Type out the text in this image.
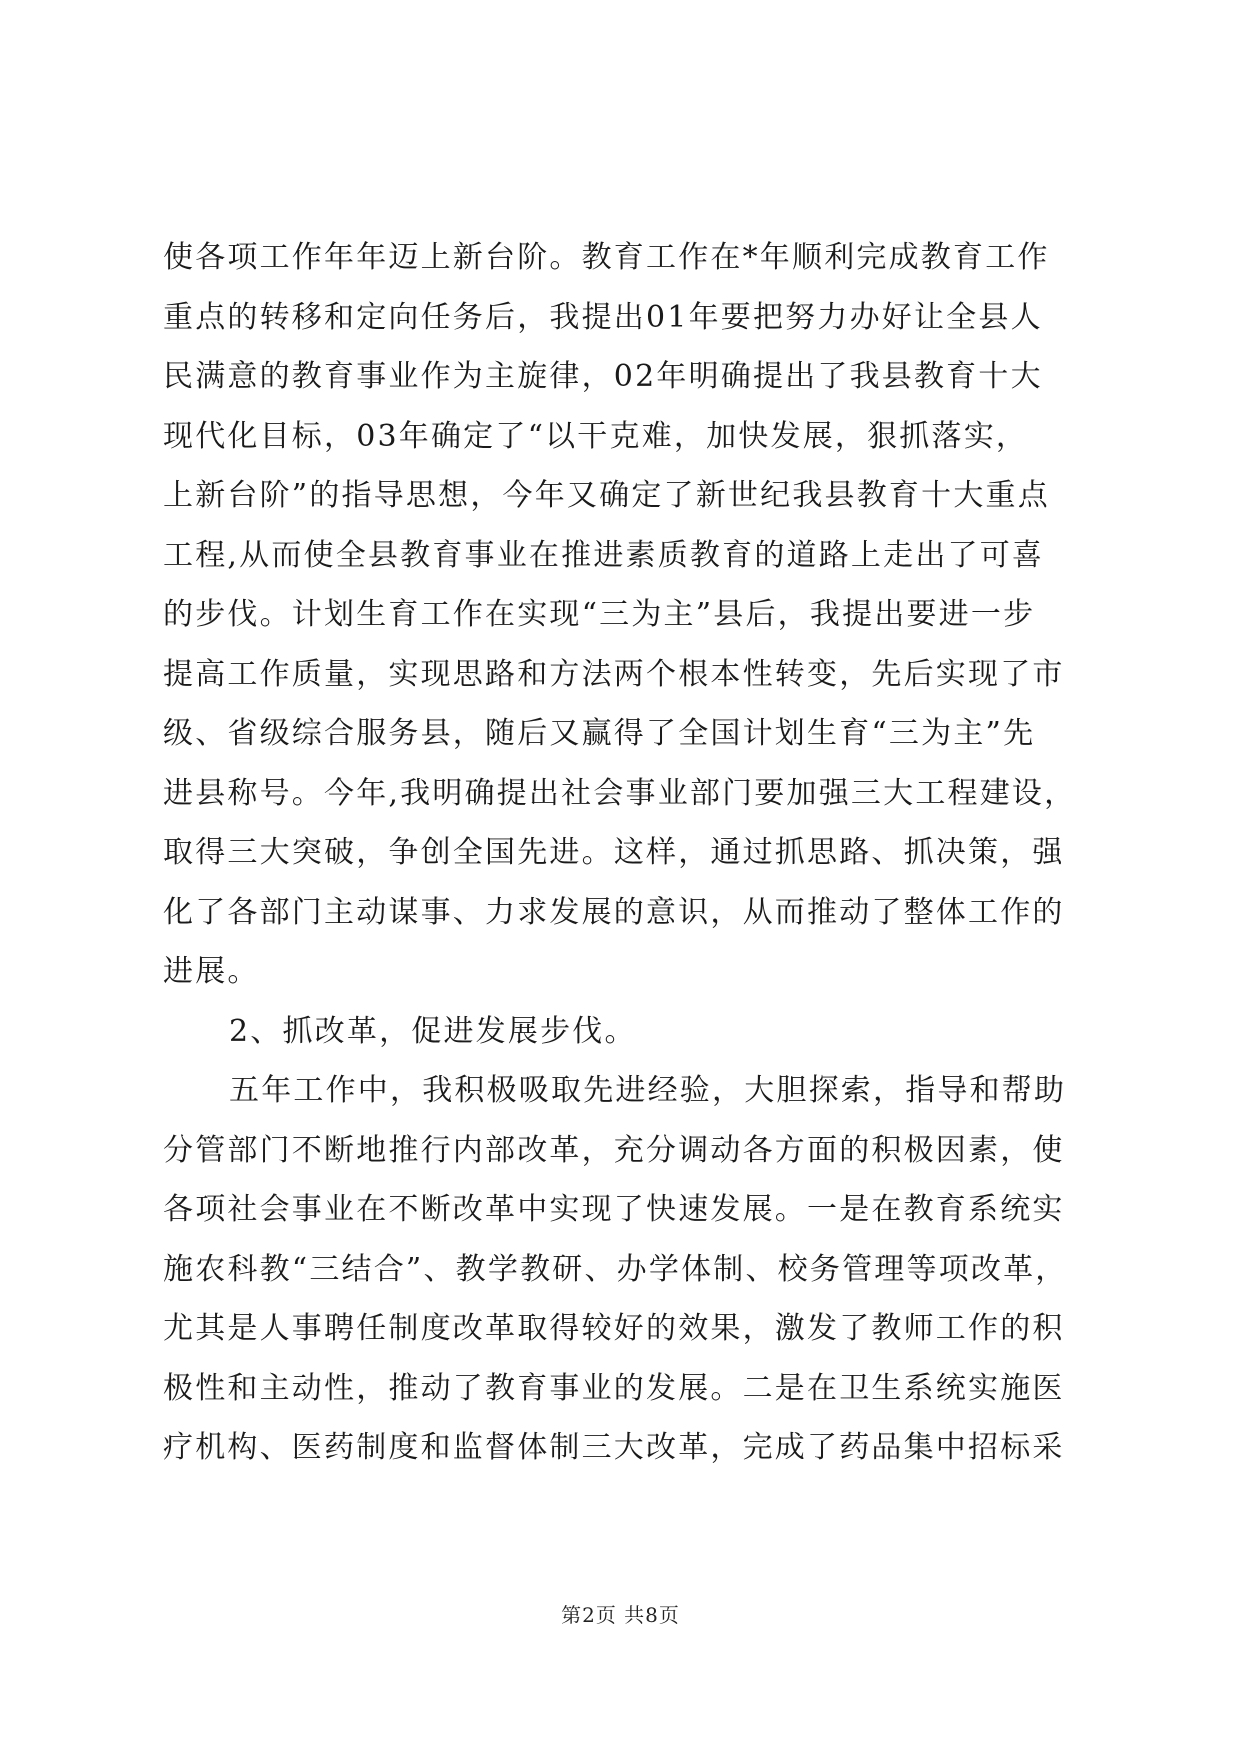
使各项工作年年迈上新台阶。教育工作在*年顺利完成教育工作
重点的转移和定向任务后，我提出01年要把努力办好让全县人
民满意的教育事业作为主旋律，02年明确提出了我县教育十大
现代化目标，03年确定了“以干克难，加快发展，狠抓落实，
上新台阶”的指导思想，今年又确定了新世纪我县教育十大重点
工程,从而使全县教育事业在推进素质教育的道路上走出了可喜
的步伐。计划生育工作在实现“三为主”县后，我提出要进一步
提高工作质量，实现思路和方法两个根本性转变，先后实现了市
级、省级综合服务县，随后又赢得了全国计划生育“三为主”先
进县称号。今年,我明确提出社会事业部门要加强三大工程建设，
取得三大突破，争创全国先进。这样，通过抓思路、抓决策，强
化了各部门主动谋事、力求发展的意识，从而推动了整体工作的
进展。
2、抓改革，促进发展步伐。
五年工作中，我积极吸取先进经验，大胆探索，指导和帮助
分管部门不断地推行内部改革，充分调动各方面的积极因素，使
各项社会事业在不断改革中实现了快速发展。一是在教育系统实
施农科教“三结合”、教学教研、办学体制、校务管理等项改革，
尤其是人事聘任制度改革取得较好的效果，激发了教师工作的积
极性和主动性，推动了教育事业的发展。二是在卫生系统实施医
疗机构、医药制度和监督体制三大改革，完成了药品集中招标采
第2页 共8页
